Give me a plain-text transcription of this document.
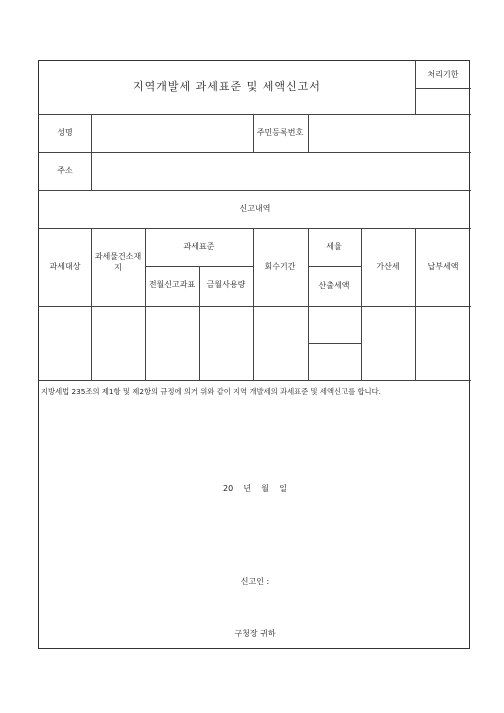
지역개발세 과세표준 및 세액신고서
처리기한
성명	주민등록번호
주소
신고내역
과세대상
과세물건소재지
과세표준
전월신고과표 금월사용량
회수기간
세율
산출세액
가산세	납부세액
지방세법 235조의 제1항 및 제2항의 규정에 의거 위와 같이 지역 개발세의 과세표준 및 세액신고를 합니다.
20    년    월    일
신고인 :
구청장 귀하
